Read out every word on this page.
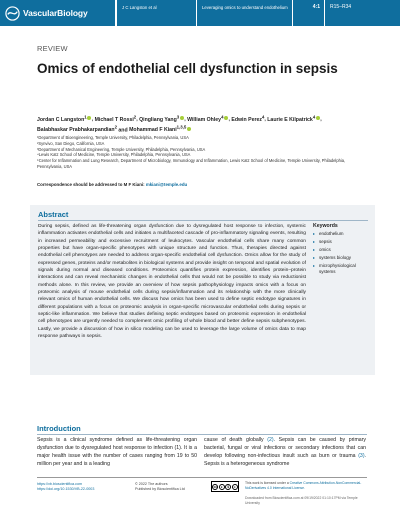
VascularBiology
J C Langston et al	Leveraging omics to understand endothelium	4:1	R15–R34
REVIEW
Omics of endothelial cell dysfunction in sepsis
Jordan C Langston$^1$, Michael T Rossi$^2$, Qingliang Yang$^3$, William Ohley$^4$, Edwin Perez$^4$, Laurie E Kilpatrick$^4$,
Balabhaskar Prabhakarpandian$^2$ and Mohammad F Kiani$^{1,3,5}$
¹Department of Bioengineering, Temple University, Philadelphia, Pennsylvania, USA
²Synvivo, San Diego, California, USA
³Department of Mechanical Engineering, Temple University, Philadelphia, Pennsylvania, USA
⁴Lewis Katz School of Medicine, Temple University, Philadelphia, Pennsylvania, USA
⁵Center for Inflammation and Lung Research, Department of Microbiology, Immunology and Inflammation, Lewis Katz School of Medicine, Temple University, Philadelphia, Pennsylvania, USA
Correspondence should be addressed to M F Kiani: mkiani@temple.edu
Abstract
During sepsis, defined as life-threatening organ dysfunction due to dysregulated host response to infection, systemic inflammation activates endothelial cells and initiates a multifaceted cascade of pro-inflammatory signaling events, resulting in increased permeability and excessive recruitment of leukocytes. Vascular endothelial cells share many common properties but have organ-specific phenotypes with unique structure and function. Thus, therapies directed against endothelial cell phenotypes are needed to address organ-specific endothelial cell dysfunction. Omics allow for the study of expressed genes, proteins and/or metabolites in biological systems and provide insight on temporal and spatial evolution of signals during normal and diseased conditions. Proteomics quantifies protein expression, identifies protein–protein interactions and can reveal mechanistic changes in endothelial cells that would not be possible to study via reductionist methods alone. In this review, we provide an overview of how sepsis pathophysiology impacts omics with a focus on proteomic analysis of mouse endothelial cells during sepsis/inflammation and its relationship with the more clinically relevant omics of human endothelial cells. We discuss how omics has been used to define septic endotype signatures in different populations with a focus on proteomic analysis in organ-specific microvascular endothelial cells during sepsis or septic-like inflammation. We believe that studies defining septic endotypes based on proteomic expression in endothelial cell phenotypes are urgently needed to complement omic profiling of whole blood and better define sepsis subphenotypes. Lastly, we provide a discussion of how in silico modeling can be used to leverage the large volume of omics data to map response pathways in sepsis.
Keywords
▸ endothelium
▸ sepsis
▸ omics
▸ systems biology
▸ microphysiological systems
Introduction
Sepsis is a clinical syndrome defined as life-threatening organ dysfunction due to dysregulated host response to infection (1). It is a major health issue with the number of cases ranging from 19 to 50 million per year and is a leading
cause of death globally (2). Sepsis can be caused by primary bacterial, fungal or viral infections or secondary infections that can develop following non-infectious insult such as burn or trauma (3). Sepsis is a heterogeneous syndrome
https://vb.bioscientifica.com
https://doi.org/10.1530/VB-22-0003
© 2022 The authors
Published by Bioscientifica Ltd
cc	●	$	=
This work is licensed under a Creative Commons Attribution-NonCommercial-NoDerivatives 4.0 International License.
Downloaded from Bioscientifica.com at 09/19/2022 01:10:17PM via Temple University
